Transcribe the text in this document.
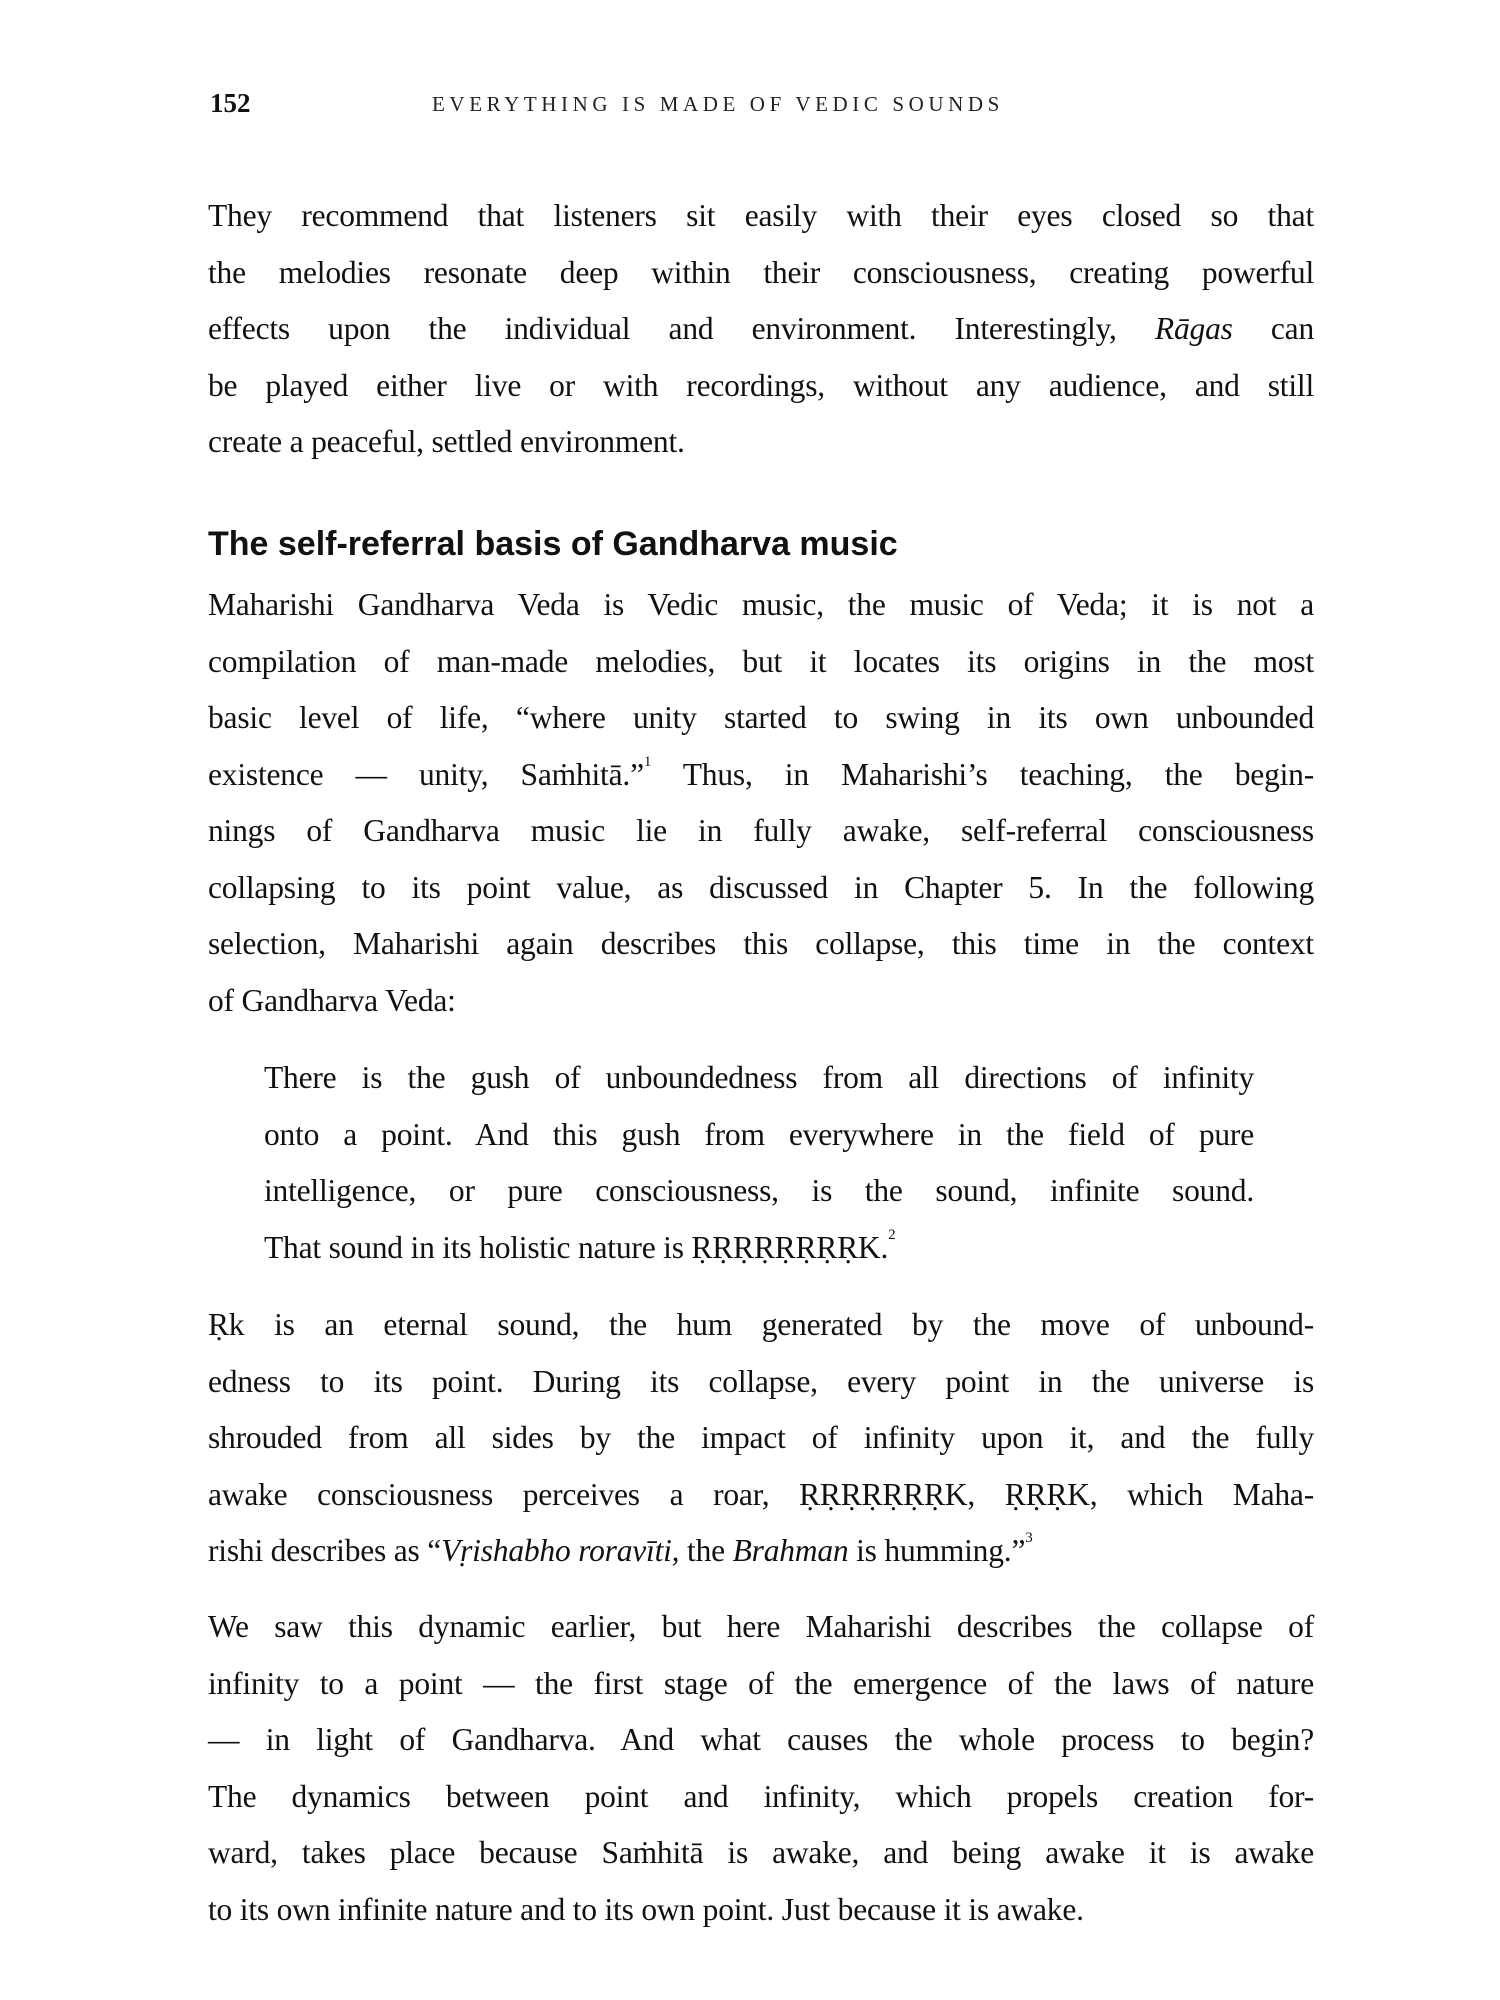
152	EVERYTHING IS MADE OF VEDIC SOUNDS
They recommend that listeners sit easily with their eyes closed so that
the melodies resonate deep within their consciousness, creating powerful
effects upon the individual and environment. Interestingly, Rāgas can
be played either live or with recordings, without any audience, and still
create a peaceful, settled environment.
The self-referral basis of Gandharva music
Maharishi Gandharva Veda is Vedic music, the music of Veda; it is not a
compilation of man-made melodies, but it locates its origins in the most
basic level of life, “where unity started to swing in its own unbounded
existence — unity, Saṁhitā.”$^1$ Thus, in Maharishi’s teaching, the begin-
nings of Gandharva music lie in fully awake, self-referral consciousness
collapsing to its point value, as discussed in Chapter 5. In the following
selection, Maharishi again describes this collapse, this time in the context
of Gandharva Veda:
There is the gush of unboundedness from all directions of infinity
onto a point. And this gush from everywhere in the field of pure
intelligence, or pure consciousness, is the sound, infinite sound.
That sound in its holistic nature is ṚṚṚṚṚṚṚṚK.$^2$
Ṛk is an eternal sound, the hum generated by the move of unbound-
edness to its point. During its collapse, every point in the universe is
shrouded from all sides by the impact of infinity upon it, and the fully
awake consciousness perceives a roar, ṚṚṚṚṚṚṚK, ṚṚṚK, which Maha-
rishi describes as “Vṛishabho roravīti, the Brahman is humming.”$^3$
We saw this dynamic earlier, but here Maharishi describes the collapse of
infinity to a point — the first stage of the emergence of the laws of nature
— in light of Gandharva. And what causes the whole process to begin?
The dynamics between point and infinity, which propels creation for-
ward, takes place because Saṁhitā is awake, and being awake it is awake
to its own infinite nature and to its own point. Just because it is awake.
